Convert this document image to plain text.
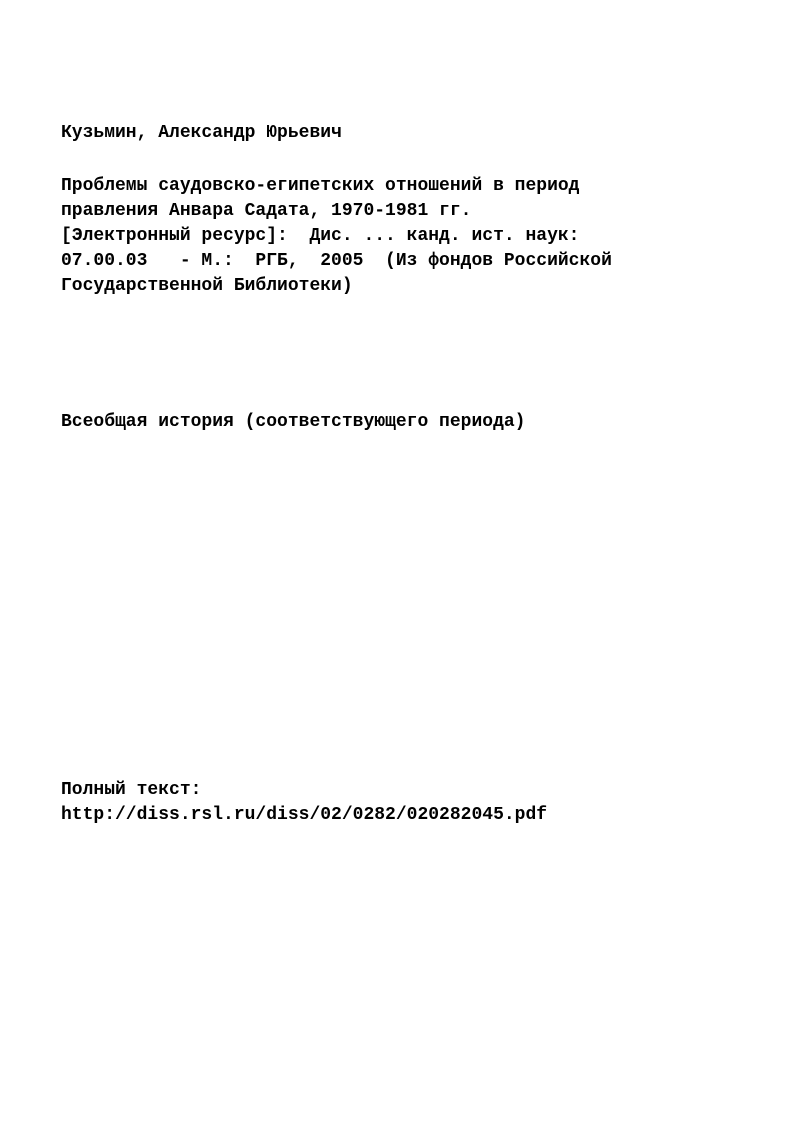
Кузьмин, Александр Юрьевич
Проблемы саудовско-египетских отношений в период
правления Анвара Садата, 1970-1981 гг.
[Электронный ресурс]:  Дис. ... канд. ист. наук:
07.00.03   - М.:  РГБ,  2005  (Из фондов Российской
Государственной Библиотеки)
Всеобщая история (соответствующего периода)
Полный текст:
http://diss.rsl.ru/diss/02/0282/020282045.pdf
